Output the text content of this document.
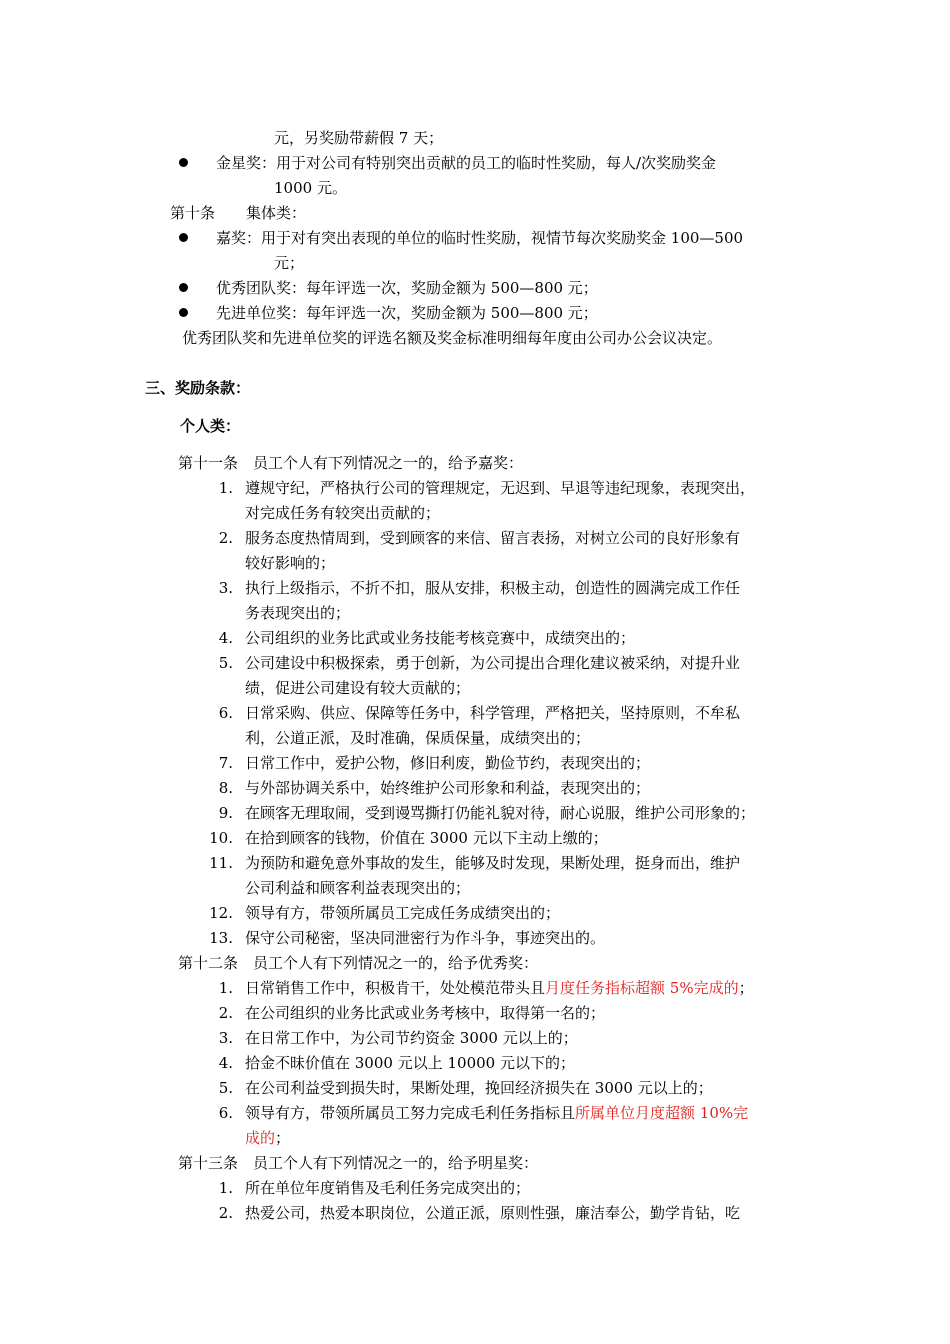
元，另奖励带薪假 7 天；
金星奖：用于对公司有特别突出贡献的员工的临时性奖励，每人/次奖励奖金
1000 元。
第十条 集体类：
嘉奖：用于对有突出表现的单位的临时性奖励，视情节每次奖励奖金 100—500
元；
优秀团队奖：每年评选一次，奖励金额为 500—800 元；
先进单位奖：每年评选一次，奖励金额为 500—800 元；
优秀团队奖和先进单位奖的评选名额及奖金标准明细每年度由公司办公会议决定。
三、奖励条款：
个人类：
第十一条　员工个人有下列情况之一的，给予嘉奖：
1. 遵规守纪，严格执行公司的管理规定，无迟到、早退等违纪现象，表现突出，
对完成任务有较突出贡献的；
2. 服务态度热情周到，受到顾客的来信、留言表扬，对树立公司的良好形象有
较好影响的；
3. 执行上级指示，不折不扣，服从安排，积极主动，创造性的圆满完成工作任
务表现突出的；
4. 公司组织的业务比武或业务技能考核竞赛中，成绩突出的；
5. 公司建设中积极探索，勇于创新，为公司提出合理化建议被采纳，对提升业
绩，促进公司建设有较大贡献的；
6. 日常采购、供应、保障等任务中，科学管理，严格把关，坚持原则，不牟私
利，公道正派，及时准确，保质保量，成绩突出的；
7. 日常工作中，爱护公物，修旧利废，勤俭节约，表现突出的；
8. 与外部协调关系中，始终维护公司形象和利益，表现突出的；
9. 在顾客无理取闹，受到谩骂撕打仍能礼貌对待，耐心说服，维护公司形象的；
10. 在拾到顾客的钱物，价值在 3000 元以下主动上缴的；
11. 为预防和避免意外事故的发生，能够及时发现，果断处理，挺身而出，维护
公司利益和顾客利益表现突出的；
12. 领导有方，带领所属员工完成任务成绩突出的；
13. 保守公司秘密，坚决同泄密行为作斗争，事迹突出的。
第十二条　员工个人有下列情况之一的，给予优秀奖：
1. 日常销售工作中，积极肯干，处处模范带头且月度任务指标超额 5%完成的；
2. 在公司组织的业务比武或业务考核中，取得第一名的；
3. 在日常工作中，为公司节约资金 3000 元以上的；
4. 拾金不昧价值在 3000 元以上 10000 元以下的；
5. 在公司利益受到损失时，果断处理，挽回经济损失在 3000 元以上的；
6. 领导有方，带领所属员工努力完成毛利任务指标且所属单位月度超额 10%完
成的；
第十三条　员工个人有下列情况之一的，给予明星奖：
1. 所在单位年度销售及毛利任务完成突出的；
2. 热爱公司，热爱本职岗位，公道正派，原则性强，廉洁奉公，勤学肯钻，吃
